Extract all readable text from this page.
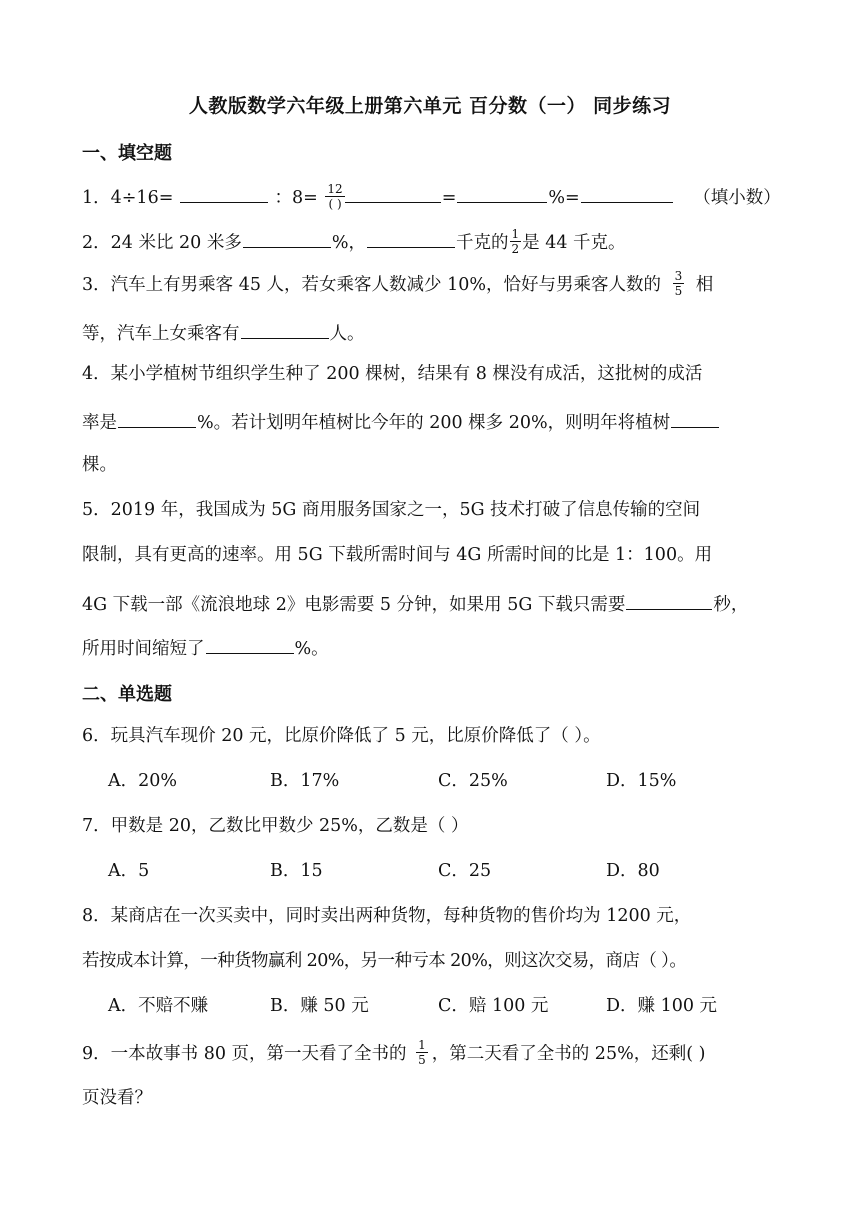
人教版数学六年级上册第六单元 百分数（一） 同步练习
一、填空题
1．4÷16=	：$8= \frac{12}{( )}$	=	%=	（填小数）
2．24 米比 20 米多	%，	千克的 $\frac{1}{2}$ 是 44 千克。
3．汽车上有男乘客 45 人，若女乘客人数减少 10%，恰好与男乘客人数的 $\frac{3}{5}$ 相
等，汽车上女乘客有	人。
4．某小学植树节组织学生种了 200 棵树，结果有 8 棵没有成活，这批树的成活
率是	%。若计划明年植树比今年的 200 棵多 20%，则明年将植树
棵。
5．2019 年，我国成为 5G 商用服务国家之一，5G 技术打破了信息传输的空间
限制，具有更高的速率。用 5G 下载所需时间与 4G 所需时间的比是 1：100。用
4G 下载一部《流浪地球 2》电影需要 5 分钟，如果用 5G 下载只需要	秒，
所用时间缩短了	%。
二、单选题
6．玩具汽车现价 20 元，比原价降低了 5 元，比原价降低了（ ）。
A．20%	B．17%	C．25%	D．15%
7．甲数是 20，乙数比甲数少 25%，乙数是（ ）
A．5	B．15	C．25	D．80
8．某商店在一次买卖中，同时卖出两种货物，每种货物的售价均为 1200 元，
若按成本计算，一种货物赢利 20%，另一种亏本 20%，则这次交易，商店（ ）。
A．不赔不赚	B．赚 50 元	C．赔 100 元	D．赚 100 元
9．一本故事书 80 页，第一天看了全书的 $\frac{1}{5}$ ，第二天看了全书的 25%，还剩( )
页没看？
